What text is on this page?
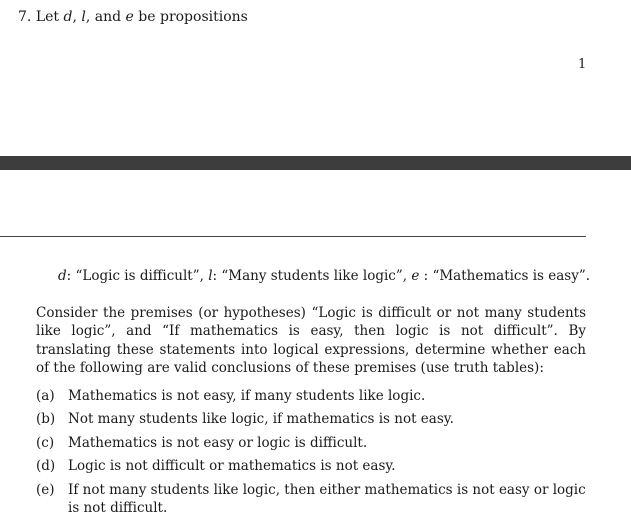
7. Let d, l, and e be propositions
1
d: “Logic is difficult”, l: “Many students like logic”, e : “Mathematics is easy”.
Consider the premises (or hypotheses) “Logic is difficult or not many students like logic”, and “If mathematics is easy, then logic is not difficult”. By translating these statements into logical expressions, determine whether each of the following are valid conclusions of these premises (use truth tables):
(a) Mathematics is not easy, if many students like logic.
(b) Not many students like logic, if mathematics is not easy.
(c)	Mathematics is not easy or logic is difficult.
(d) Logic is not difficult or mathematics is not easy.
(e) If not many students like logic, then either mathematics is not easy or logic is not difficult.
